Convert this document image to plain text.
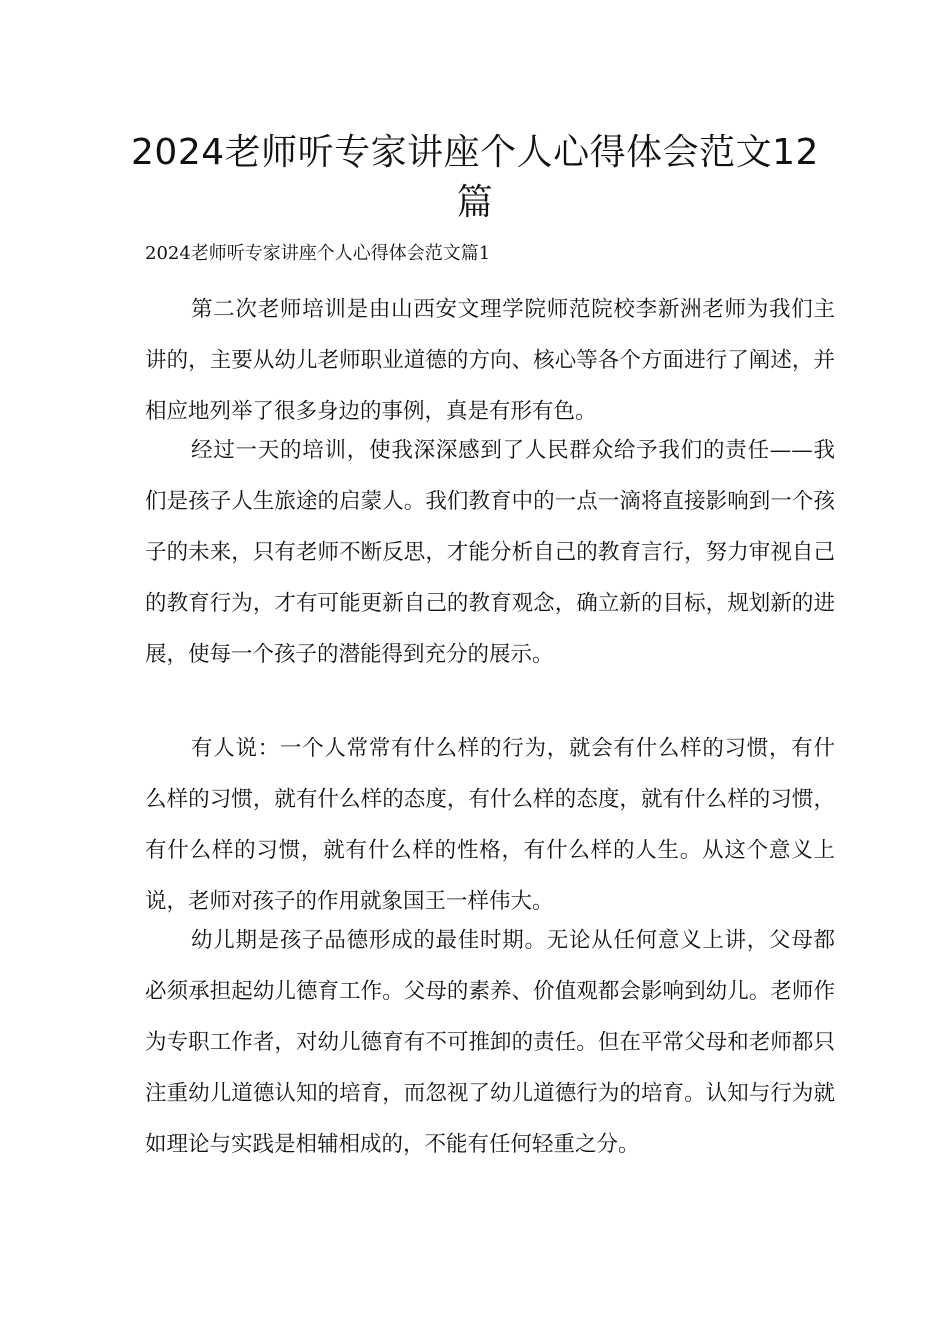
2024老师听专家讲座个人心得体会范文12篇
2024老师听专家讲座个人心得体会范文篇1

第二次老师培训是由山西安文理学院师范院校李新洲老师为我们主讲的，主要从幼儿老师职业道德的方向、核心等各个方面进行了阐述，并相应地列举了很多身边的事例，真是有形有色。

经过一天的培训，使我深深感到了人民群众给予我们的责任——我们是孩子人生旅途的启蒙人。我们教育中的一点一滴将直接影响到一个孩子的未来，只有老师不断反思，才能分析自己的教育言行，努力审视自己的教育行为，才有可能更新自己的教育观念，确立新的目标，规划新的进展，使每一个孩子的潜能得到充分的展示。

有人说：一个人常常有什么样的行为，就会有什么样的习惯，有什么样的习惯，就有什么样的态度，有什么样的态度，就有什么样的习惯，有什么样的习惯，就有什么样的性格，有什么样的人生。从这个意义上说，老师对孩子的作用就象国王一样伟大。

幼儿期是孩子品德形成的最佳时期。无论从任何意义上讲，父母都必须承担起幼儿德育工作。父母的素养、价值观都会影响到幼儿。老师作为专职工作者，对幼儿德育有不可推卸的责任。但在平常父母和老师都只注重幼儿道德认知的培育，而忽视了幼儿道德行为的培育。认知与行为就如理论与实践是相辅相成的，不能有任何轻重之分。
